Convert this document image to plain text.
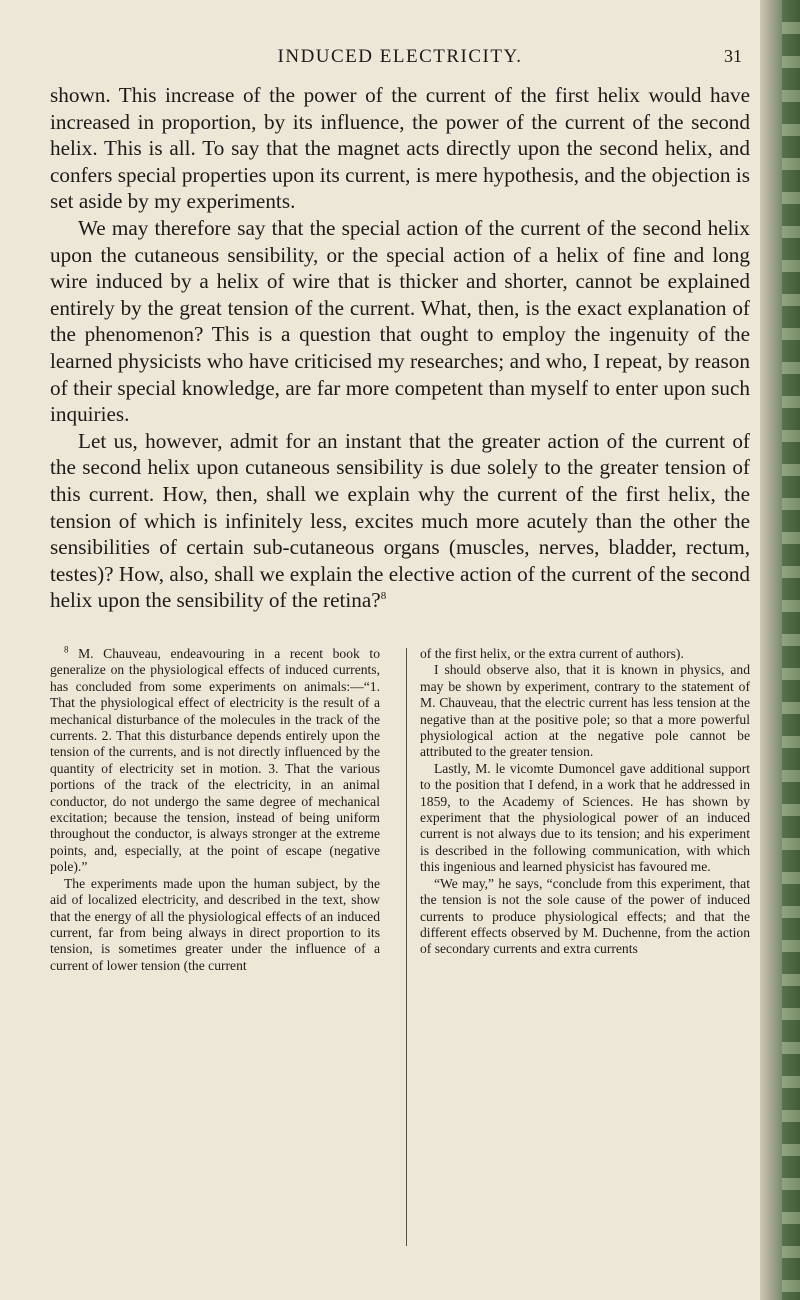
INDUCED ELECTRICITY.	31

shown. This increase of the power of the current of the first helix would have increased in proportion, by its influence, the power of the current of the second helix. This is all. To say that the magnet acts directly upon the second helix, and confers special properties upon its current, is mere hypothesis, and the objection is set aside by my experiments.

We may therefore say that the special action of the current of the second helix upon the cutaneous sensibility, or the special action of a helix of fine and long wire induced by a helix of wire that is thicker and shorter, cannot be explained entirely by the great tension of the current. What, then, is the exact explanation of the phenomenon? This is a question that ought to employ the ingenuity of the learned physicists who have criticised my researches; and who, I repeat, by reason of their special knowledge, are far more competent than myself to enter upon such inquiries.

Let us, however, admit for an instant that the greater action of the current of the second helix upon cutaneous sensibility is due solely to the greater tension of this current. How, then, shall we explain why the current of the first helix, the tension of which is infinitely less, excites much more acutely than the other the sensibilities of certain sub-cutaneous organs (muscles, nerves, bladder, rectum, testes)? How, also, shall we explain the elective action of the current of the second helix upon the sensibility of the retina?$^8$

$^8$ M. Chauveau, endeavouring in a recent book to generalize on the physiological effects of induced currents, has concluded from some experiments on animals:—“1. That the physiological effect of electricity is the result of a mechanical disturbance of the molecules in the track of the currents. 2. That this disturbance depends entirely upon the tension of the currents, and is not directly influenced by the quantity of electricity set in motion. 3. That the various portions of the track of the electricity, in an animal conductor, do not undergo the same degree of mechanical excitation; because the tension, instead of being uniform throughout the conductor, is always stronger at the extreme points, and, especially, at the point of escape (negative pole).”

The experiments made upon the human subject, by the aid of localized electricity, and described in the text, show that the energy of all the physiological effects of an induced current, far from being always in direct proportion to its tension, is sometimes greater under the influence of a current of lower tension (the current

of the first helix, or the extra current of authors).

I should observe also, that it is known in physics, and may be shown by experiment, contrary to the statement of M. Chauveau, that the electric current has less tension at the negative than at the positive pole; so that a more powerful physiological action at the negative pole cannot be attributed to the greater tension.

Lastly, M. le vicomte Dumoncel gave additional support to the position that I defend, in a work that he addressed in 1859, to the Academy of Sciences. He has shown by experiment that the physiological power of an induced current is not always due to its tension; and his experiment is described in the following communication, with which this ingenious and learned physicist has favoured me.

“We may,” he says, “conclude from this experiment, that the tension is not the sole cause of the power of induced currents to produce physiological effects; and that the different effects observed by M. Duchenne, from the action of secondary currents and extra currents
